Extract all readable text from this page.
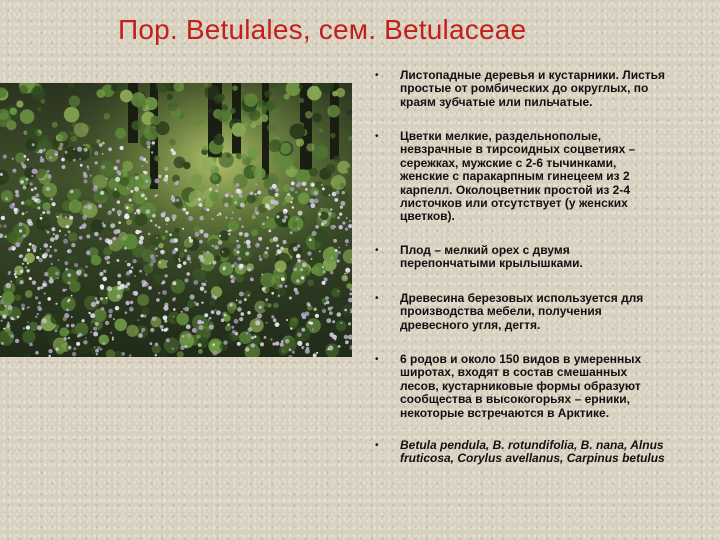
Пор. Betulales, сем. Betulaceae
• Листопадные деревья и кустарники. Листья
простые от ромбических до округлых, по
краям зубчатые или пильчатые.
• Цветки мелкие, раздельнополые,
невзрачные в тирсоидных соцветиях –
сережках, мужские с 2-6 тычинками,
женские с паракарпным гинецеем из 2
карпелл. Околоцветник простой из 2-4
листочков или отсутствует (у женских
цветков).
• Плод – мелкий орех с двумя
перепончатыми крылышками.
• Древесина березовых используется для
производства мебели, получения
древесного угля, дегтя.
• 6 родов и около 150 видов в умеренных
широтах, входят в состав смешанных
лесов, кустарниковые формы образуют
сообщества в высокогорьях – ерники,
некоторые встречаются в Арктике.
• Betula pendula, B. rotundifolia, B. nana, Alnus
fruticosa, Corylus avellanus, Carpinus betulus
